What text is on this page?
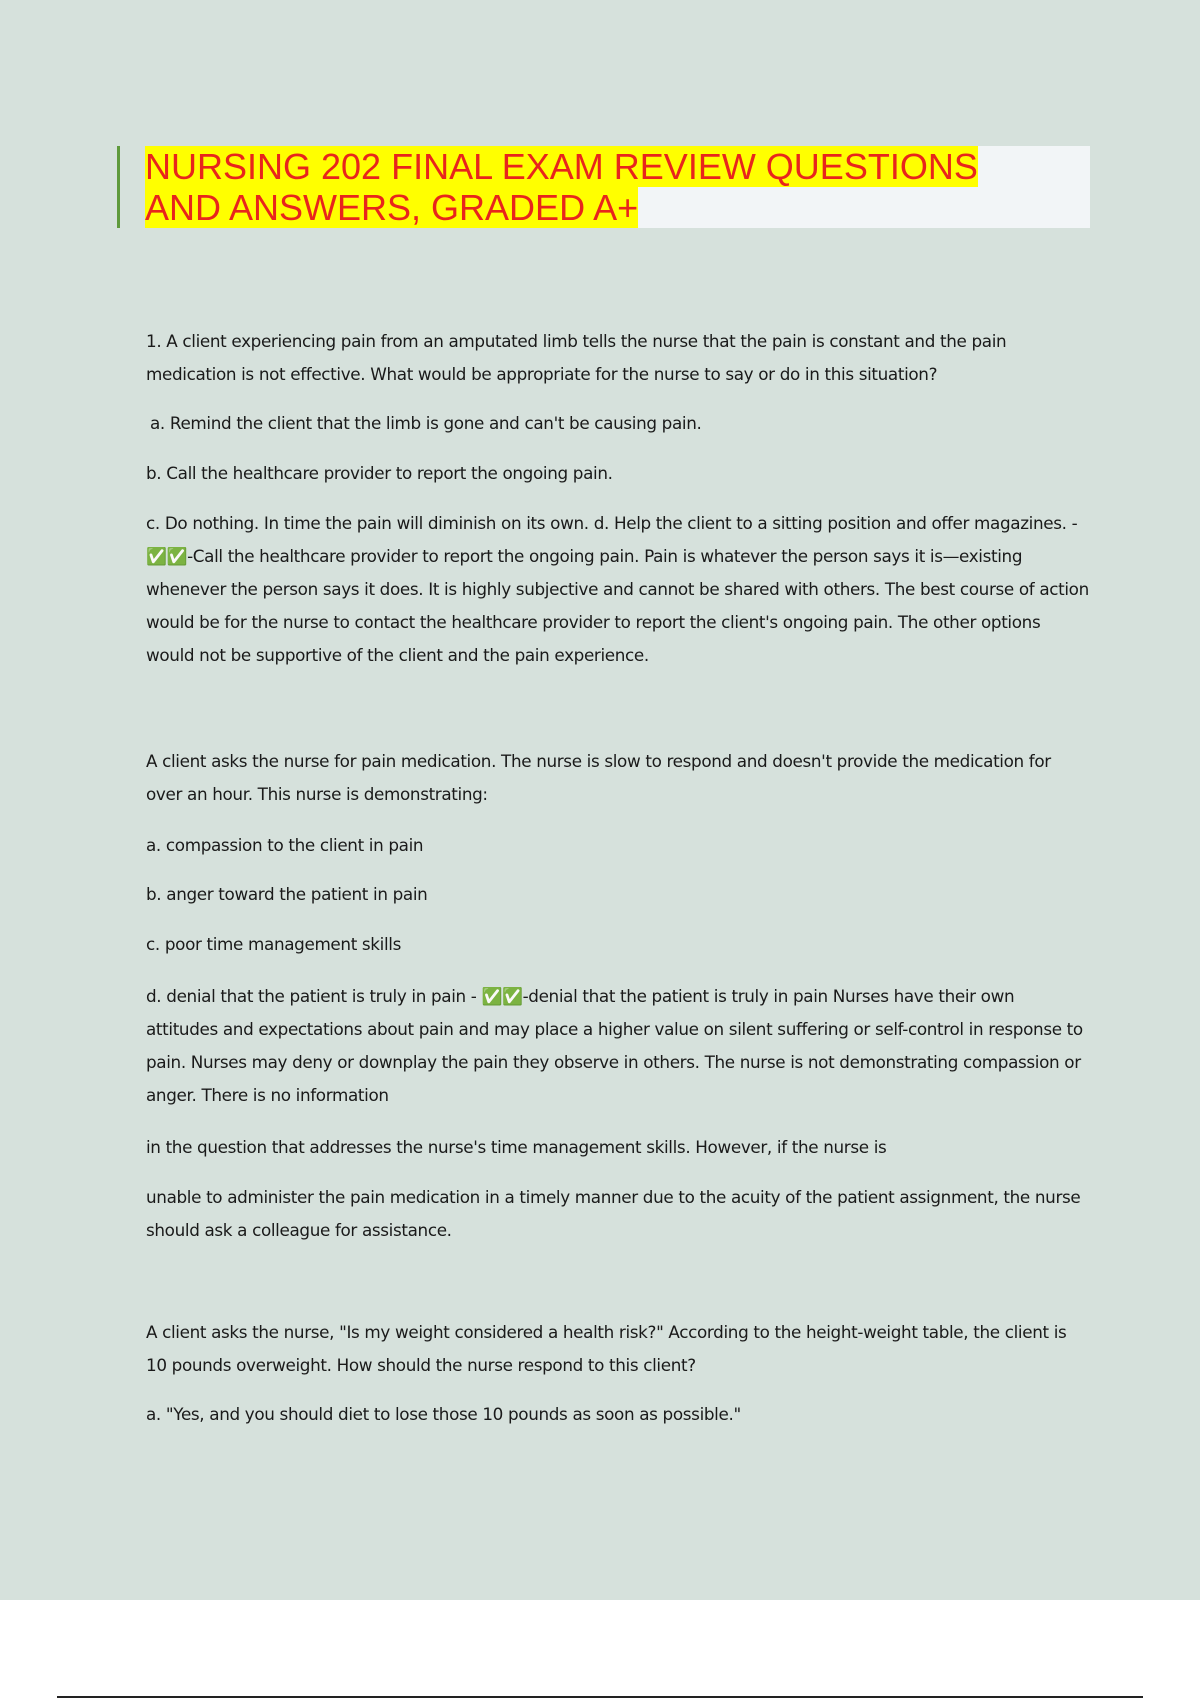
NURSING 202 FINAL EXAM REVIEW QUESTIONS
AND ANSWERS, GRADED A+

1. A client experiencing pain from an amputated limb tells the nurse that the pain is constant and the pain medication is not effective. What would be appropriate for the nurse to say or do in this situation?

a. Remind the client that the limb is gone and can't be causing pain.

b. Call the healthcare provider to report the ongoing pain.

c. Do nothing. In time the pain will diminish on its own. d. Help the client to a sitting position and offer magazines. - ✅✅-Call the healthcare provider to report the ongoing pain. Pain is whatever the person says it is—existing whenever the person says it does. It is highly subjective and cannot be shared with others. The best course of action would be for the nurse to contact the healthcare provider to report the client's ongoing pain. The other options would not be supportive of the client and the pain experience.

A client asks the nurse for pain medication. The nurse is slow to respond and doesn't provide the medication for over an hour. This nurse is demonstrating:

a. compassion to the client in pain

b. anger toward the patient in pain

c. poor time management skills

d. denial that the patient is truly in pain - ✅✅-denial that the patient is truly in pain Nurses have their own attitudes and expectations about pain and may place a higher value on silent suffering or self-control in response to pain. Nurses may deny or downplay the pain they observe in others. The nurse is not demonstrating compassion or anger. There is no information

in the question that addresses the nurse's time management skills. However, if the nurse is

unable to administer the pain medication in a timely manner due to the acuity of the patient assignment, the nurse should ask a colleague for assistance.

A client asks the nurse, "Is my weight considered a health risk?" According to the height-weight table, the client is 10 pounds overweight. How should the nurse respond to this client?

a. "Yes, and you should diet to lose those 10 pounds as soon as possible."
